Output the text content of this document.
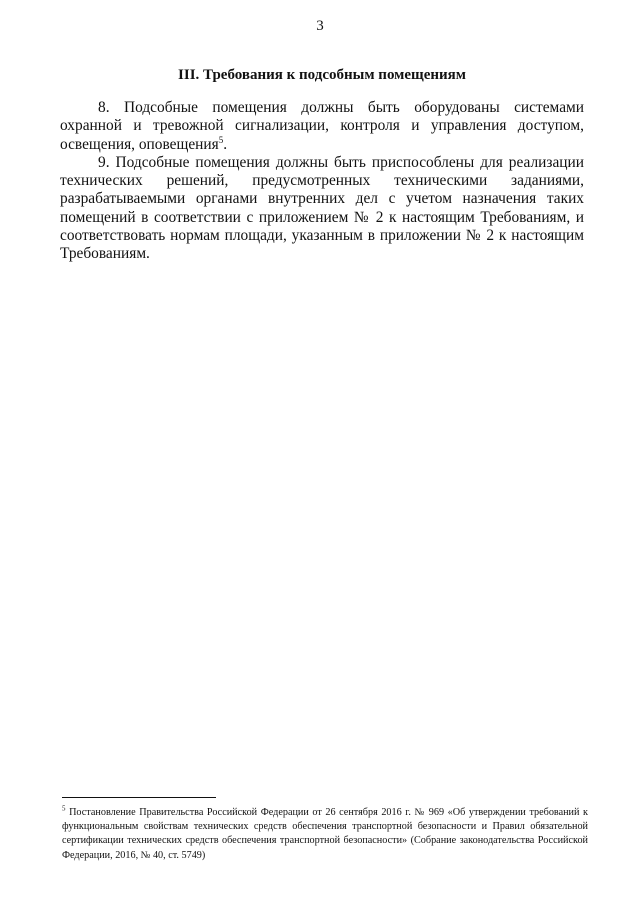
3
III. Требования к подсобным помещениям

8. Подсобные помещения должны быть оборудованы системами охранной и тревожной сигнализации, контроля и управления доступом, освещения, оповещения$^5$.

9. Подсобные помещения должны быть приспособлены для реализации технических решений, предусмотренных техническими заданиями, разрабатываемыми органами внутренних дел с учетом назначения таких помещений в соответствии с приложением № 2 к настоящим Требованиям, и соответствовать нормам площади, указанным в приложении № 2 к настоящим Требованиям.

$^5$ Постановление Правительства Российской Федерации от 26 сентября 2016 г. № 969 «Об утверждении требований к функциональным свойствам технических средств обеспечения транспортной безопасности и Правил обязательной сертификации технических средств обеспечения транспортной безопасности» (Собрание законодательства Российской Федерации, 2016, № 40, ст. 5749)
